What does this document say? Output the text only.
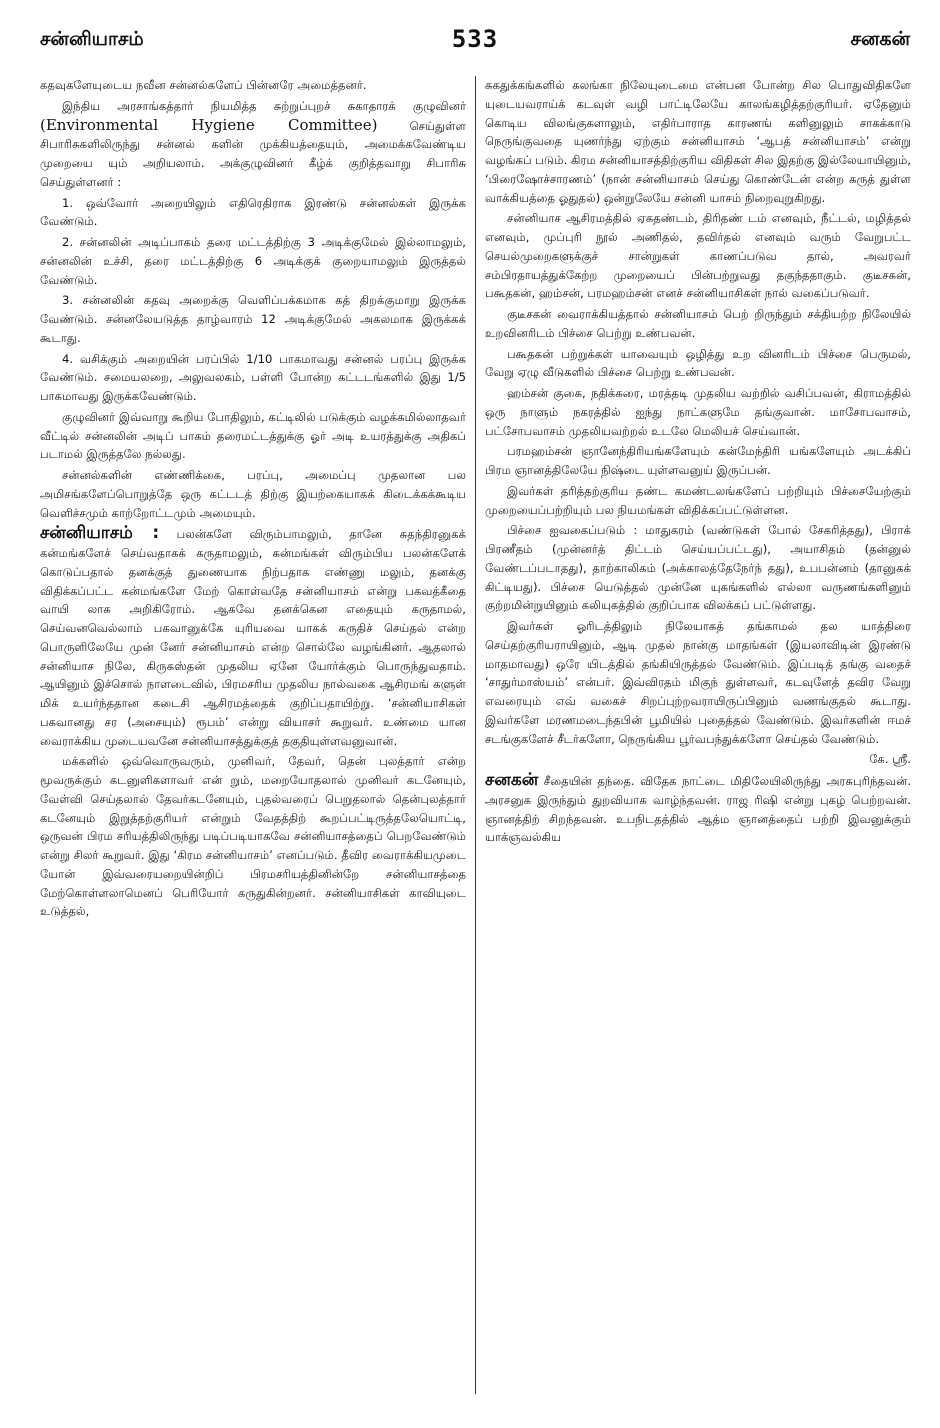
சன்னியாசம்	533	சனகன்

கதவுகளேயுடைய நவீன சன்னல்களேப் பின்னரே அமைத்தனர்.

இந்திய அரசாங்கத்தார் நியமித்த சுற்றுப்புறச் சுகாதாரக் குழுவினர் (Environmental Hygiene Committee)	செய்துள்ள சிபாரிசுகளிலிருந்து சன்னல் களின் முக்கியத்தையும், அமைக்கவேண்டிய முறையை யும் அறியலாம். அக்குழுவினர் கீழ்க் குறித்தவாறு சிபாரிசு செய்துள்ளனர் :

1. ஒவ்வோர் அறையிலும் எதிரெதிராக இரண்டு சன்னல்கள் இருக்க வேண்டும்.

2. சன்னலின் அடிப்பாகம் தரை மட்டத்திற்கு 3 அடிக்குமேல் இல்லாமலும், சன்னலின் உச்சி, தரை மட்டத்திற்கு 6 அடிக்குக் குறையாமலும் இருத்தல் வேண்டும்.

3. சன்னலின் கதவு அறைக்கு வெளிப்பக்கமாக கத் திறக்குமாறு இருக்க வேண்டும். சன்னலேயடுத்த தாழ்வாரம் 12 அடிக்குமேல் அகலமாக இருக்கக் கூடாது.

4. வசிக்கும் அறையின் பரப்பில் 1/10 பாகமாவது சன்னல் பரப்பு இருக்க வேண்டும். சமையலறை, அலுவலகம், பள்ளி போன்ற கட்டடங்களில் இது 1/5 பாகமாவது இருக்கவேண்டும்.

குழுவினர் இவ்வாறு கூறிய போதிலும், கட்டிலில் படுக்கும் வழக்கமில்லாதவர் வீட்டில் சன்னலின் அடிப் பாகம் தரைமட்டத்துக்கு ஓர் அடி உயரத்துக்கு அதிகப் படாமல் இருத்தலே நல்லது.

சன்னல்களின் எண்ணிக்கை, பரப்பு, அமைப்பு முதலான பல அமிசங்களேப்பொறுத்தே ஒரு கட்டடத் திற்கு இயற்கையாகக் கிடைக்கக்கூடிய வெளிச்சமும் காற்றோட்டமும் அமையும்.

சன்னியாசம் : பலன்களே விரும்பாமலும், தானே சுதந்திரனுகக் கன்மங்களேச் செய்வதாகக் கருதாமலும், கன்மங்கள் விரும்பிய பலன்களேக் கொடுப்பதால் தனக்குத் துணையாக நிற்பதாக எண்ணு மலும், தனக்கு விதிக்கப்பட்ட கன்மங்களே மேற் கொள்வதே சன்னியாசம் என்று பகவத்கீதை வாயி லாக அறிகிரோம். ஆகவே தனக்கென எதையும் கருதாமல், செய்வனவெல்லாம் பகவானுக்கே யுரியவை யாகக் கருதிச் செய்தல் என்ற பொருளிலேயே முன் னேர் சன்னியாசம் என்ற சொல்லே வழங்கினர். ஆதலால் சன்னியாச நிலே, கிருகஸ்தன் முதலிய ஏனே யோர்க்கும் பொருந்துவதாம். ஆயினும் இச்சொல் நாளடைவில், பிரமசரிய முதலிய நால்வகை ஆசிரமங் களுள் மிக் உயர்ந்ததான கடைசி ஆசிரமத்தைக் குறிப்பதாயிற்று. ‘சன்னியாசிகள் பகவானது சர (அசையும்) ரூபம்’ என்று வியாசர் கூறுவர். உண்மை யான வைராக்கிய முடையவனே சன்னியாசத்துக்குத் தகுதியுள்ளவனுவான்.

மக்களில் ஒவ்வொருவரும், முனிவர், தேவர், தென் புலத்தார் என்ற மூவருக்கும் கடனுளிகளாவர் என் றும், மறையோதலால் முனிவர் கடனேயும், வேள்வி செய்தலால் தேவர்கடனேயும், புதல்வரைப் பெறுதலால் தென்புலத்தார் கடனேயும் இறுத்தற்குரியர் என்றும் வேதத்திற் கூறப்பட்டிருத்தலேயொட்டி, ஒருவன் பிரம சரியத்திலிருந்து படிப்படியாகவே சன்னியாசத்தைப் பெறவேண்டும் என்று சிலர் கூறுவர். இது ‘கிரம சன்னியாசம்’ எனப்படும். தீவிர வைராக்கியமுடை யோன் இவ்வரையறையின்றிப் பிரமசரியத்தினின்றே சன்னியாசத்தை மேற்கொள்ளலாமெனப் பெரியோர் கருதுகின்றனர். சன்னியாசிகள் காவியுடை உடுத்தல்,

சுகதுக்கங்களில் கலங்கா நிலேயுடைமை என்பன போன்ற சில பொதுவிதிகளே யுடையவராய்க் கடவுள் வழி பாட்டிலேயே காலங்கழித்தற்குரியர். ஏதேனும் கொடிய விலங்குகளாலும், எதிர்பாராத காரணங் களினுலும் சாகக்காடு நெருங்குவதை யுணர்ந்து ஏற்கும் சன்னியாசம் ‘ஆபத் சன்னியாசம்’ என்று வழங்கப் படும். கிரம சன்னியாசத்திற்குரிய விதிகள் சில இதற்கு இல்லேயாயினும், ‘பிரைஷோச்சாரணம்’ (நான் சன்னியாசம் செய்து கொண்டேன் என்ற கருத் துள்ள வாக்கியத்தை ஓதுதல்) ஒன்றுலேயே சன்னி யாசம் நிறைவுறுகிறது.

சன்னியாச ஆசிரமத்தில் ஏகதண்டம், திரிதண் டம் எனவும், நீட்டல், மழித்தல் எனவும், முப்புரி நூல் அணிதல், தவிர்தல் எனவும் வரும் வேறுபட்ட செயல்முறைகளுக்குச் சான்றுகள் காணப்படுவ தால், அவரவர் சம்பிரதாயத்துக்கேற்ற முறையைப் பின்பற்றுவது தகுந்ததாகும். குடீசகன், பகூதகன், ஹம்சன், பரமஹம்சன் எனச் சன்னியாசிகள் நால் வகைப்படுவர்.

குடீசகன் வைராக்கியத்தால் சன்னியாசம் பெற் றிருந்தும் சக்தியற்ற நிலேயில் உறவினரிடம் பிச்சை பெற்று உண்பவன்.

பகூதகன் பற்றுக்கள் யாவையும் ஒழித்து உற வினரிடம் பிச்சை பெருமல், வேறு ஏழு வீடுகளில் பிச்சை பெற்று உண்பவன்.

ஹம்சன் குகை, நதிக்கரை, மரத்தடி முதலிய வற்றில் வசிப்பவன், கிராமத்தில் ஒரு நாளும் நகரத்தில் ஐந்து நாட்களுமே தங்குவான். மாசோபவாசம், பட்சோபவாசம் முதலியவற்றல் உடலே மெலியச் செய்வான்.

பரமஹம்சன் ஞானேந்திரியங்களேயும் கன்மேந்திரி யங்களேயும் அடக்கிப் பிரம ஞானத்திலேயே நிஷ்டை யுள்ளவனுய் இருப்பன்.

இவர்கள் தரித்தற்குரிய தண்ட கமண்டலங்களேப் பற்றியும் பிச்சையேற்கும் முறையைப்பற்றியும் பல நியமங்கள் விதிக்கப்பட்டுள்ளன.

பிச்சை ஐவகைப்படும் : மாதுகரம் (வண்டுகள் போல் சேகரித்தது), பிராக் பிரணீதம் (முன்னர்த் திட்டம் செய்யப்பட்டது), அயாசிதம் (தன்னுல் வேண்டப்படாதது), தாற்காலிகம் (அக்காலத்தேநேர்ந் தது), உபபன்னம் (தானுகக் கிட்டியது). பிச்சை யெடுத்தல் முன்னே யுகங்களில் எல்லா வருணங்களினும் குற்றமின்றுயினும் கலியுகத்தில் குறிப்பாக விலக்கப் பட்டுள்ளது.

இவர்கள் ஓரிடத்திலும் நிலேயாகத் தங்காமல் தல யாத்திரை செய்தற்குரியராயினும், ஆடி முதல் நான்கு மாதங்கள் (இயலாவிடின் இரண்டு மாதமாவது) ஒரே யிடத்தில் தங்கியிருத்தல் வேண்டும். இப்படித் தங்கு வதைச் ‘சாதுர்மாஸ்யம்’ என்பர். இவ்விரதம் மிகுந் துள்ளவர், கடவுளேத் தவிர வேறு எவரையும் எவ் வகைச் சிறப்புற்றவராயிருப்பினும் வணங்குதல் கூடாது. இவர்களே மரணமடைந்தபின் பூமியில் புதைத்தல் வேண்டும். இவர்களின் ஈமச் சடங்குகளேச் சீடர்களோ, நெருங்கிய பூர்வபந்துக்களோ செய்தல் வேண்டும்.

கே. ஸ்ரீ.

சனகன் சீதையின் தந்தை. விதேக நாட்டை மிதிலேயிலிருந்து அரசுபுரிந்தவன். அரசனுக இருந்தும் துறவியாக வாழ்ந்தவன். ராஜ ரிஷி என்று புகழ் பெற்றவன். ஞானத்திற் சிறந்தவன். உபநிடதத்தில் ஆத்ம ஞானத்தைப் பற்றி இவனுக்கும் யாக்ஞவல்கிய
